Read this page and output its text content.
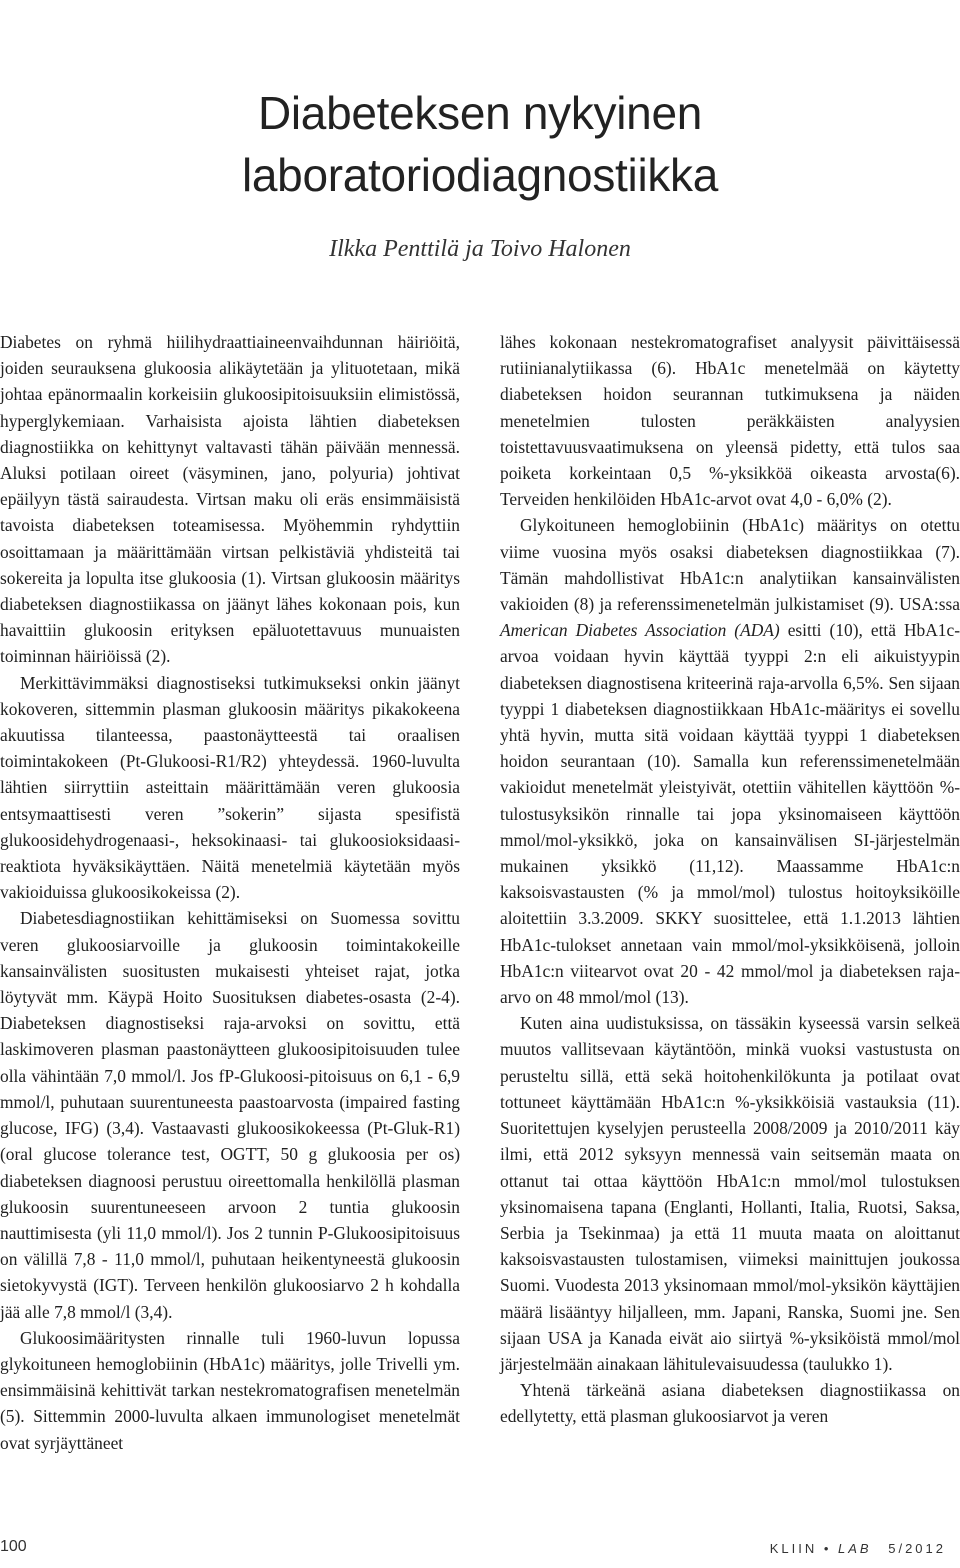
Diabeteksen nykyinen
laboratoriodiagnostiikka
Ilkka Penttilä ja Toivo Halonen

Diabetes on ryhmä hiilihydraattiaineenvaihdunnan häiriöitä, joiden seurauksena glukoosia alikäytetään ja ylituotetaan, mikä johtaa epänormaalin korkeisiin glukoosipitoisuuksiin elimistössä, hyperglykemiaan. Varhaisista ajoista lähtien diabeteksen diagnostiikka on kehittynyt valtavasti tähän päivään mennessä. Aluksi potilaan oireet (väsyminen, jano, polyuria) johtivat epäilyyn tästä sairaudesta. Virtsan maku oli eräs ensimmäisistä tavoista diabeteksen toteamisessa. Myöhemmin ryhdyttiin osoittamaan ja määrittämään virtsan pelkistäviä yhdisteitä tai sokereita ja lopulta itse glukoosia (1). Virtsan glukoosin määritys diabeteksen diagnostiikassa on jäänyt lähes kokonaan pois, kun havaittiin glukoosin erityksen epäluotettavuus munuaisten toiminnan häiriöissä (2).

Merkittävimmäksi diagnostiseksi tutkimukseksi onkin jäänyt kokoveren, sittemmin plasman glukoosin määritys pikakokeena akuutissa tilanteessa, paastonäytteestä tai oraalisen toimintakokeen (Pt-Glukoosi-R1/R2) yhteydessä. 1960-luvulta lähtien siirryttiin asteittain määrittämään veren glukoosia entsymaattisesti veren ”sokerin” sijasta spesifistä glukoosidehydrogenaasi-, heksokinaasi- tai glukoosioksidaasi-reaktiota hyväksikäyttäen. Näitä menetelmiä käytetään myös vakioiduissa glukoosikokeissa (2).

Diabetesdiagnostiikan kehittämiseksi on Suomessa sovittu veren glukoosiarvoille ja glukoosin toimintakokeille kansainvälisten suositusten mukaisesti yhteiset rajat, jotka löytyvät mm. Käypä Hoito Suosituksen diabetes-osasta (2-4). Diabeteksen diagnostiseksi raja-arvoksi on sovittu, että laskimoveren plasman paastonäytteen glukoosipitoisuuden tulee olla vähintään 7,0 mmol/l. Jos fP-Glukoosi-pitoisuus on 6,1 - 6,9 mmol/l, puhutaan suurentuneesta paastoarvosta (impaired fasting glucose, IFG) (3,4). Vastaavasti glukoosikokeessa (Pt-Gluk-R1) (oral glucose tolerance test, OGTT, 50 g glukoosia per os) diabeteksen diagnoosi perustuu oireettomalla henkilöllä plasman glukoosin suurentuneeseen arvoon 2 tuntia glukoosin nauttimisesta (yli 11,0 mmol/l). Jos 2 tunnin P-Glukoosipitoisuus on välillä 7,8 - 11,0 mmol/l, puhutaan heikentyneestä glukoosin sietokyvystä (IGT). Terveen henkilön glukoosiarvo 2 h kohdalla jää alle 7,8 mmol/l (3,4).

Glukoosimääritysten rinnalle tuli 1960-luvun lopussa glykoituneen hemoglobiinin (HbA1c) määritys, jolle Trivelli ym. ensimmäisinä kehittivät tarkan nestekromatografisen menetelmän (5). Sittemmin 2000-luvulta alkaen immunologiset menetelmät ovat syrjäyttäneet

lähes kokonaan nestekromatografiset analyysit päivittäisessä rutiinianalytiikassa (6). HbA1c menetelmää on käytetty diabeteksen hoidon seurannan tutkimuksena ja näiden menetelmien tulosten peräkkäisten analyysien toistettavuusvaatimuksena on yleensä pidetty, että tulos saa poiketa korkeintaan 0,5 %-yksikköä oikeasta arvosta(6). Terveiden henkilöiden HbA1c-arvot ovat 4,0 - 6,0% (2).

Glykoituneen hemoglobiinin (HbA1c) määritys on otettu viime vuosina myös osaksi diabeteksen diagnostiikkaa (7). Tämän mahdollistivat HbA1c:n analytiikan kansainvälisten vakioiden (8) ja referenssimenetelmän julkistamiset (9). USA:ssa American Diabetes Association (ADA) esitti (10), että HbA1c-arvoa voidaan hyvin käyttää tyyppi 2:n eli aikuistyypin diabeteksen diagnostisena kriteerinä raja-arvolla 6,5%. Sen sijaan tyyppi 1 diabeteksen diagnostiikkaan HbA1c-määritys ei sovellu yhtä hyvin, mutta sitä voidaan käyttää tyyppi 1 diabeteksen hoidon seurantaan (10). Samalla kun referenssimenetelmään vakioidut menetelmät yleistyivät, otettiin vähitellen käyttöön %-tulostusyksikön rinnalle tai jopa yksinomaiseen käyttöön mmol/mol-yksikkö, joka on kansainvälisen SI-järjestelmän mukainen yksikkö (11,12). Maassamme HbA1c:n kaksoisvastausten (% ja mmol/mol) tulostus hoitoyksiköille aloitettiin 3.3.2009. SKKY suosittelee, että 1.1.2013 lähtien HbA1c-tulokset annetaan vain mmol/mol-yksikköisenä, jolloin HbA1c:n viitearvot ovat 20 - 42 mmol/mol ja diabeteksen raja-arvo on 48 mmol/mol (13).

Kuten aina uudistuksissa, on tässäkin kyseessä varsin selkeä muutos vallitsevaan käytäntöön, minkä vuoksi vastustusta on perusteltu sillä, että sekä hoitohenkilökunta ja potilaat ovat tottuneet käyttämään HbA1c:n %-yksikköisiä vastauksia (11). Suoritettujen kyselyjen perusteella 2008/2009 ja 2010/2011 käy ilmi, että 2012 syksyyn mennessä vain seitsemän maata on ottanut tai ottaa käyttöön HbA1c:n mmol/mol tulostuksen yksinomaisena tapana (Englanti, Hollanti, Italia, Ruotsi, Saksa, Serbia ja Tsekinmaa) ja että 11 muuta maata on aloittanut kaksoisvastausten tulostamisen, viimeksi mainittujen joukossa Suomi. Vuodesta 2013 yksinomaan mmol/mol-yksikön käyttäjien määrä lisääntyy hiljalleen, mm. Japani, Ranska, Suomi jne. Sen sijaan USA ja Kanada eivät aio siirtyä %-yksiköistä mmol/mol järjestelmään ainakaan lähitulevaisuudessa (taulukko 1).

Yhtenä tärkeänä asiana diabeteksen diagnostiikassa on edellytetty, että plasman glukoosiarvot ja veren

100	KLIIN • LAB 5/2012
